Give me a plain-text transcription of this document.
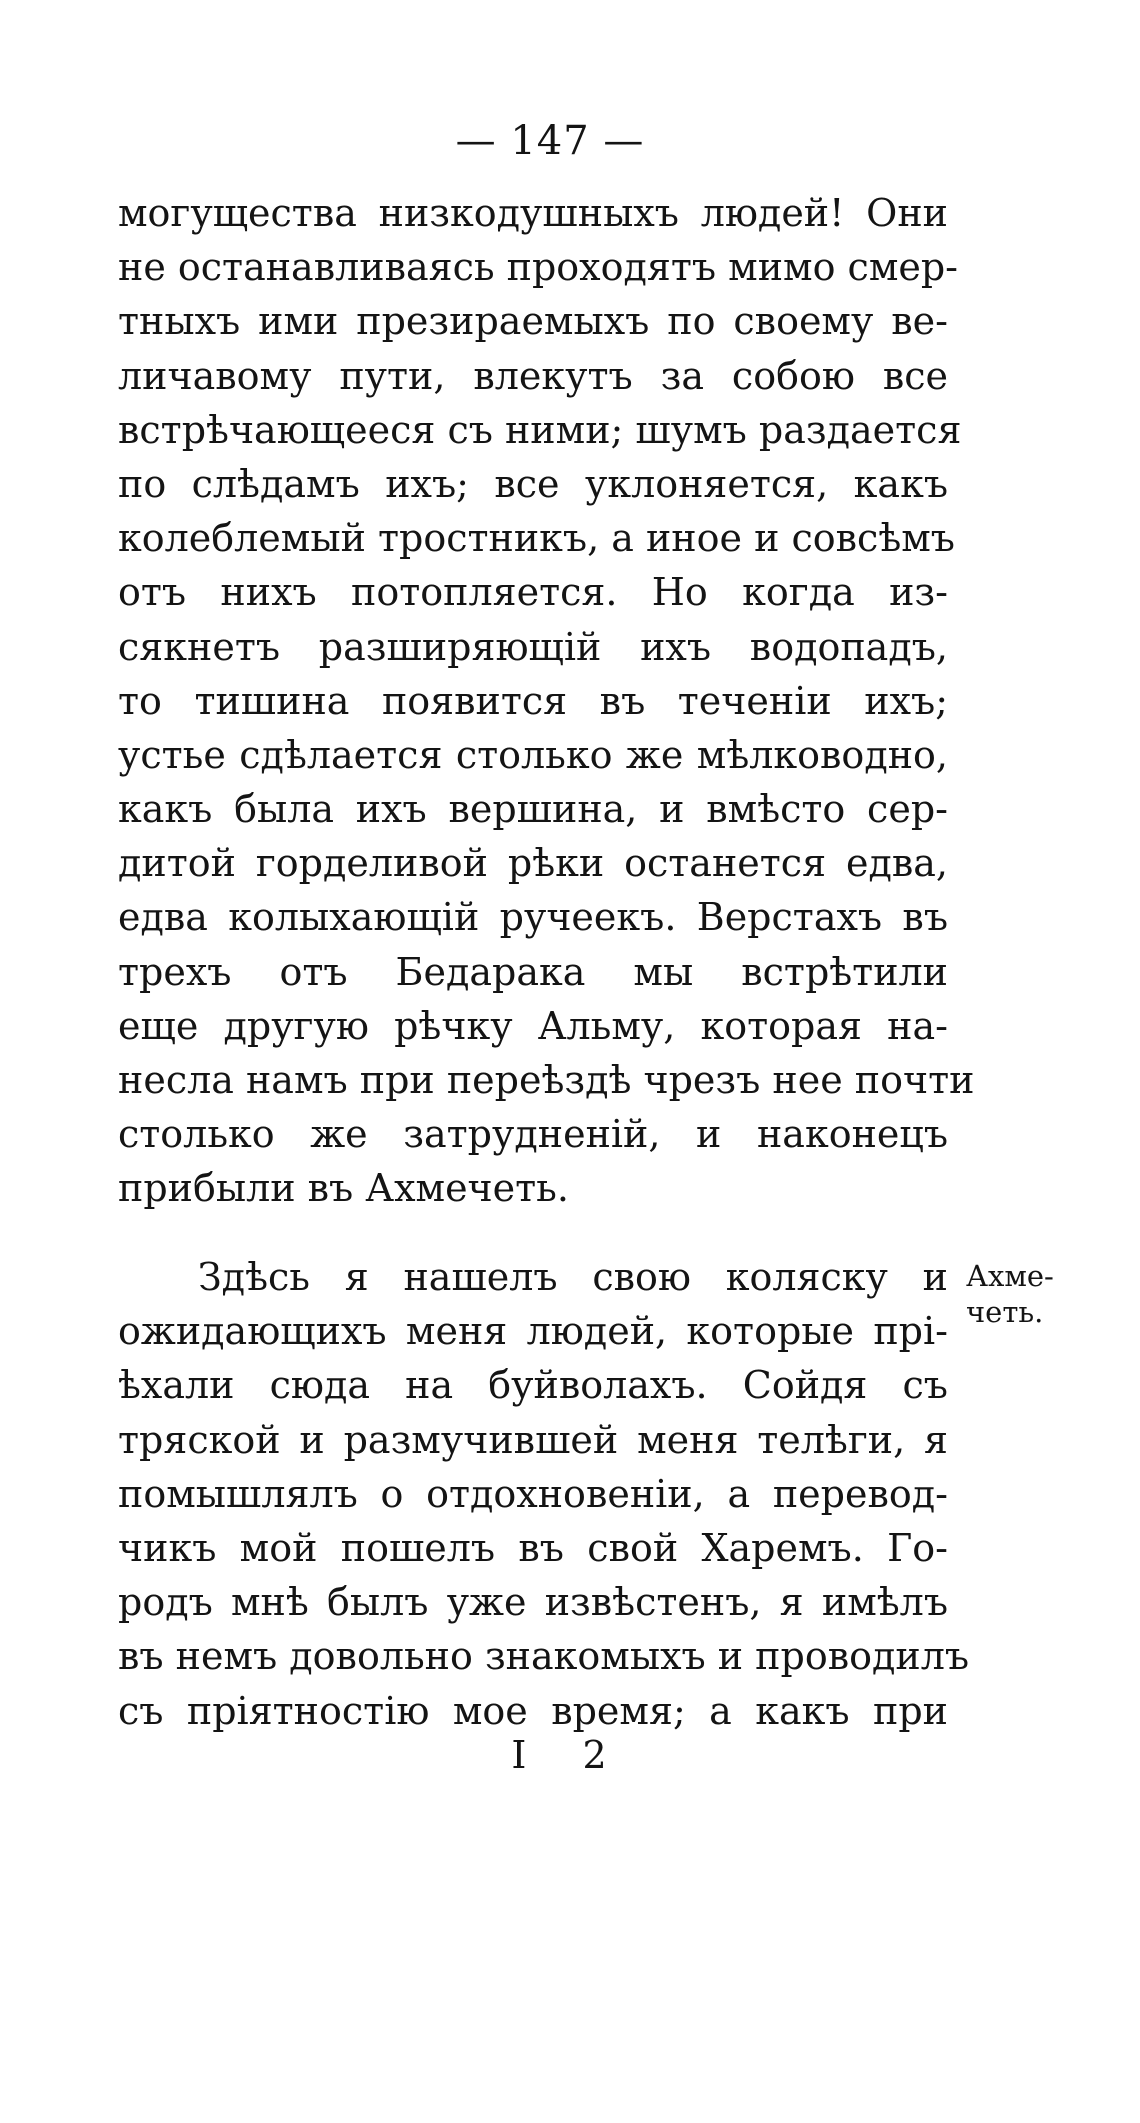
— 147 —
могущества низкодушныхъ людей! Они
не останавливаясь проходятъ мимо смер-
тныхъ ими презираемыхъ по своему ве-
личавому пути, влекутъ за собою все
встрѣчающееся съ ними; шумъ раздается
по слѣдамъ ихъ; все уклоняется, какъ
колеблемый тростникъ, а иное и совсѣмъ
отъ нихъ потопляется. Но когда из-
сякнетъ разширяющій ихъ водопадъ,
то тишина появится въ теченіи ихъ;
устье сдѣлается столько же мѣлководно,
какъ была ихъ вершина, и вмѣсто сер-
дитой горделивой рѣки останется едва,
едва колыхающій ручеекъ. Верстахъ въ
трехъ отъ Бедарака мы встрѣтили
еще другую рѣчку Альму, которая на-
несла намъ при переѣздѣ чрезъ нее почти
столько же затрудненій, и наконецъ
прибыли въ Ахмечеть.
Ахме-
четь.
Здѣсь я нашелъ свою коляску и
ожидающихъ меня людей, которые прі-
ѣхали сюда на буйволахъ. Сойдя съ
тряской и размучившей меня телѣги, я
помышлялъ о отдохновеніи, а перевод-
чикъ мой пошелъ въ свой Харемъ. Го-
родъ мнѣ былъ уже извѣстенъ, я имѣлъ
въ немъ довольно знакомыхъ и проводилъ
съ пріятностію мое время; а какъ при
I 2
